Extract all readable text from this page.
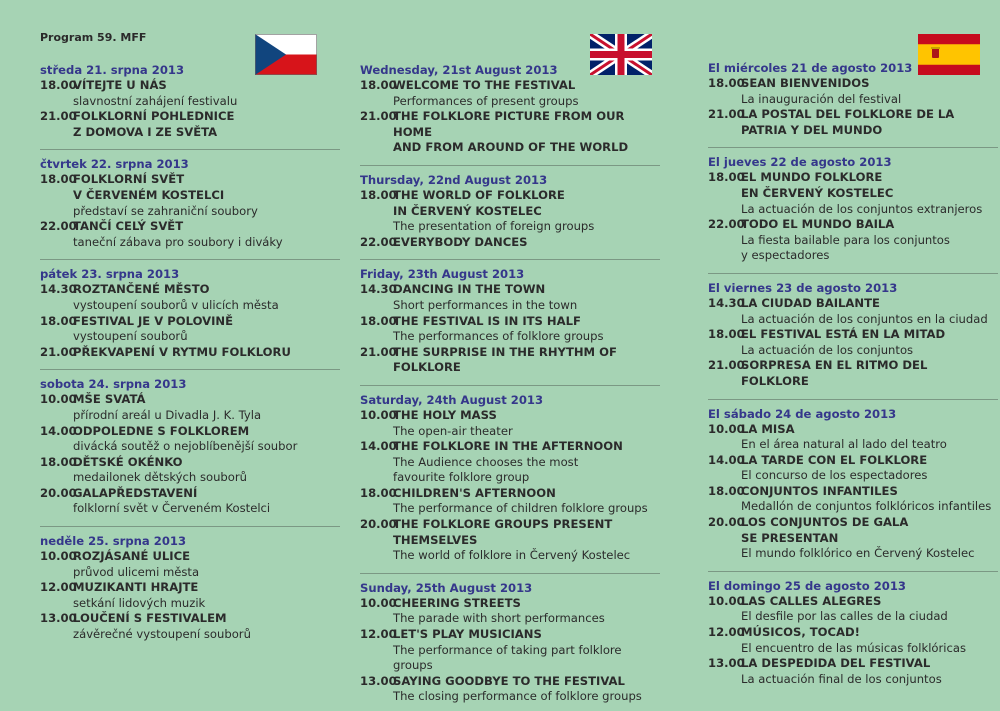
Program 59. MFF
středa 21. srpna 2013
18.00
VÍTEJTE U NÁS
slavnostní zahájení festivalu
21.00
FOLKLORNÍ POHLEDNICE
Z DOMOVA I ZE SVĚTA
čtvrtek 22. srpna 2013
18.00
FOLKLORNÍ SVĚT
V ČERVENÉM KOSTELCI
představí se zahraniční soubory
22.00
TANČÍ CELÝ SVĚT
taneční zábava pro soubory i diváky
pátek 23. srpna 2013
14.30
ROZTANČENÉ MĚSTO
vystoupení souborů v ulicích města
18.00
FESTIVAL JE V POLOVINĚ
vystoupení souborů
21.00
PŘEKVAPENÍ V RYTMU FOLKLORU
sobota 24. srpna 2013
10.00
MŠE SVATÁ
přírodní areál u Divadla J. K. Tyla
14.00
ODPOLEDNE S FOLKLOREM
divácká soutěž o nejoblíbenější soubor
18.00
DĚTSKÉ OKÉNKO
medailonek dětských souborů
20.00
GALAPŘEDSTAVENÍ
folklorní svět v Červeném Kostelci
neděle 25. srpna 2013
10.00
ROZJÁSANÉ ULICE
průvod ulicemi města
12.00
MUZIKANTI HRAJTE
setkání lidových muzik
13.00
LOUČENÍ S FESTIVALEM
závěrečné vystoupení souborů
Wednesday, 21st August 2013
18.00
WELCOME TO THE FESTIVAL
Performances of present groups
21.00
THE FOLKLORE PICTURE FROM OUR HOME
AND FROM AROUND OF THE WORLD
Thursday, 22nd August 2013
18.00
THE WORLD OF FOLKLORE
IN ČERVENÝ KOSTELEC
The presentation of foreign groups
22.00
EVERYBODY DANCES
Friday, 23th August 2013
14.30
DANCING IN THE TOWN
Short performances in the town
18.00
THE FESTIVAL IS IN ITS HALF
The performances of folklore groups
21.00
THE SURPRISE IN THE RHYTHM OF FOLKLORE
Saturday, 24th August 2013
10.00
THE HOLY MASS
The open-air theater
14.00
THE FOLKLORE IN THE AFTERNOON
The Audience chooses the most
favourite folklore group
18.00
CHILDREN'S AFTERNOON
The performance of children folklore groups
20.00
THE FOLKLORE GROUPS PRESENT
THEMSELVES
The world of folklore in Červený Kostelec
Sunday, 25th August 2013
10.00
CHEERING STREETS
The parade with short performances
12.00
LET'S PLAY MUSICIANS
The performance of taking part folklore groups
13.00
SAYING GOODBYE TO THE FESTIVAL
The closing performance of folklore groups
El miércoles 21 de agosto 2013
18.00
SEAN BIENVENIDOS
La inauguración del festival
21.00
LA POSTAL DEL FOLKLORE DE LA
PATRIA Y DEL MUNDO
El jueves 22 de agosto 2013
18.00
EL MUNDO FOLKLORE
EN ČERVENÝ KOSTELEC
La actuación de los conjuntos extranjeros
22.00
TODO EL MUNDO BAILA
La fiesta bailable para los conjuntos
y espectadores
El viernes 23 de agosto 2013
14.30
LA CIUDAD BAILANTE
La actuación de los conjuntos en la ciudad
18.00
EL FESTIVAL ESTÁ EN LA MITAD
La actuación de los conjuntos
21.00
SORPRESA EN EL RITMO DEL FOLKLORE
El sábado 24 de agosto 2013
10.00
LA MISA
En el área natural al lado del teatro
14.00
LA TARDE CON EL FOLKLORE
El concurso de los espectadores
18.00
CONJUNTOS INFANTILES
Medallón de conjuntos folklóricos infantiles
20.00
LOS CONJUNTOS DE GALA
SE PRESENTAN
El mundo folklórico en Červený Kostelec
El domingo 25 de agosto 2013
10.00
LAS CALLES ALEGRES
El desfile por las calles de la ciudad
12.00
MÚSICOS, TOCAD!
El encuentro de las músicas folklóricas
13.00
LA DESPEDIDA DEL FESTIVAL
La actuación final de los conjuntos
